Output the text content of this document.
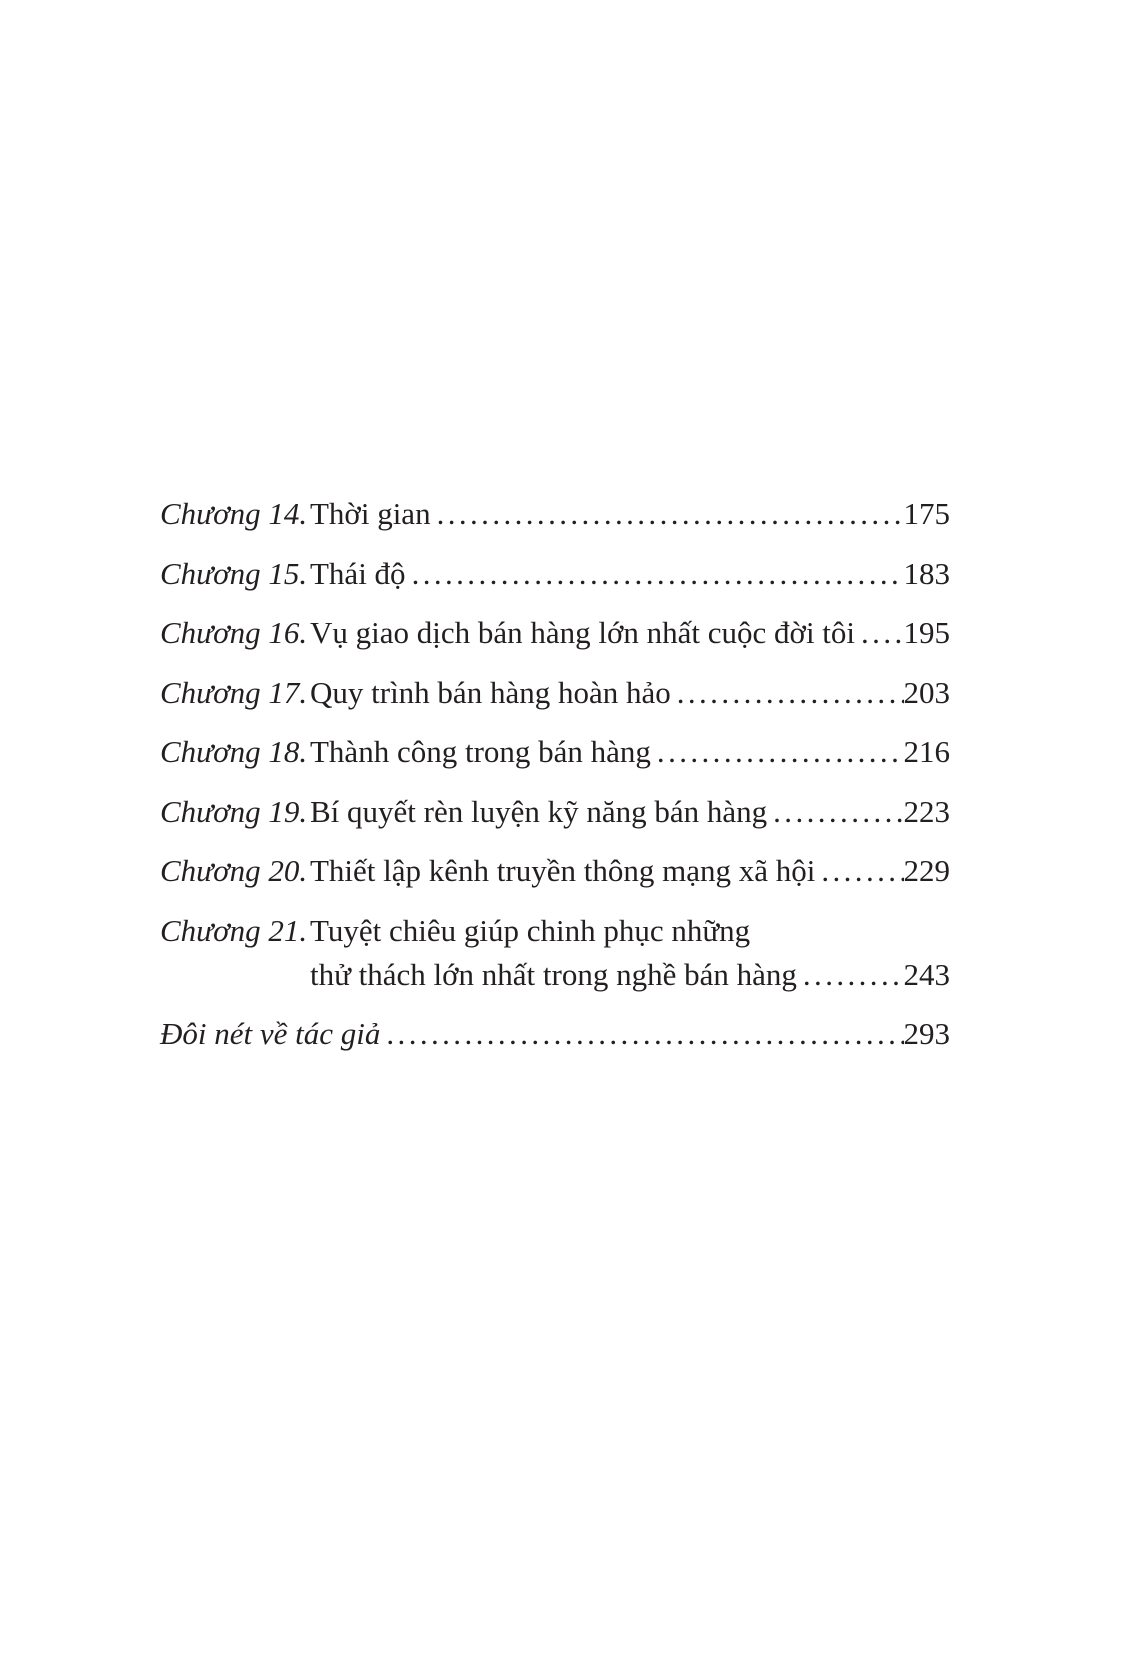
Chương 14. Thời gian .....	175
Chương 15. Thái độ .....	183
Chương 16. Vụ giao dịch bán hàng lớn nhất cuộc đời tôi ..... 195
Chương 17. Quy trình bán hàng hoàn hảo .....	203
Chương 18. Thành công trong bán hàng .....	216
Chương 19. Bí quyết rèn luyện kỹ năng bán hàng .....	223
Chương 20. Thiết lập kênh truyền thông mạng xã hội .....	229
Chương 21. Tuyệt chiêu giúp chinh phục những
thử thách lớn nhất trong nghề bán hàng .....	243
Đôi nét về tác giả .....	293
